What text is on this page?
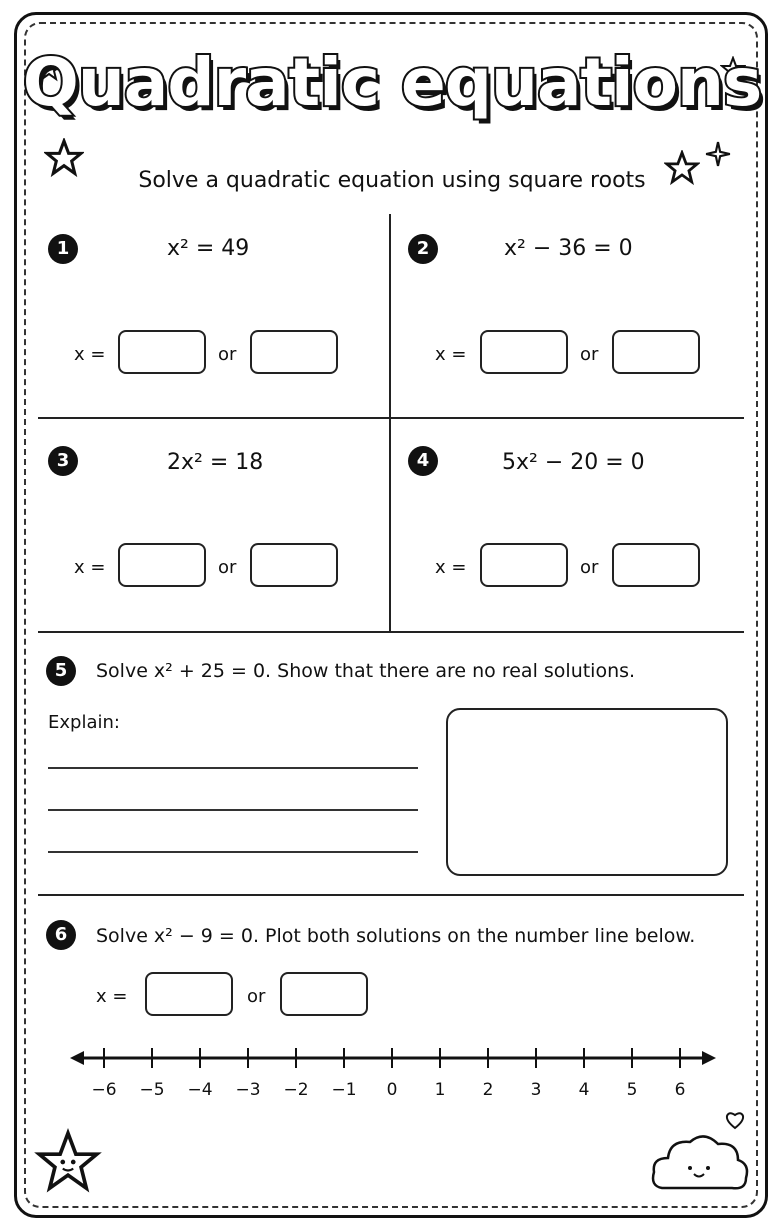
Quadratic equations
Solve a quadratic equation using square roots
1	x² = 49
x =	or
2	x² − 36 = 0
x =	or
3	2x² = 18
x =	or
4	5x² − 20 = 0
x =	or
5	Solve x² + 25 = 0. Show that there are no real solutions.
Explain:
6	Solve x² − 9 = 0. Plot both solutions on the number line below.
x =	or
−6 −5 −4 −3 −2 −1	0	1	2	3	4	5	6
